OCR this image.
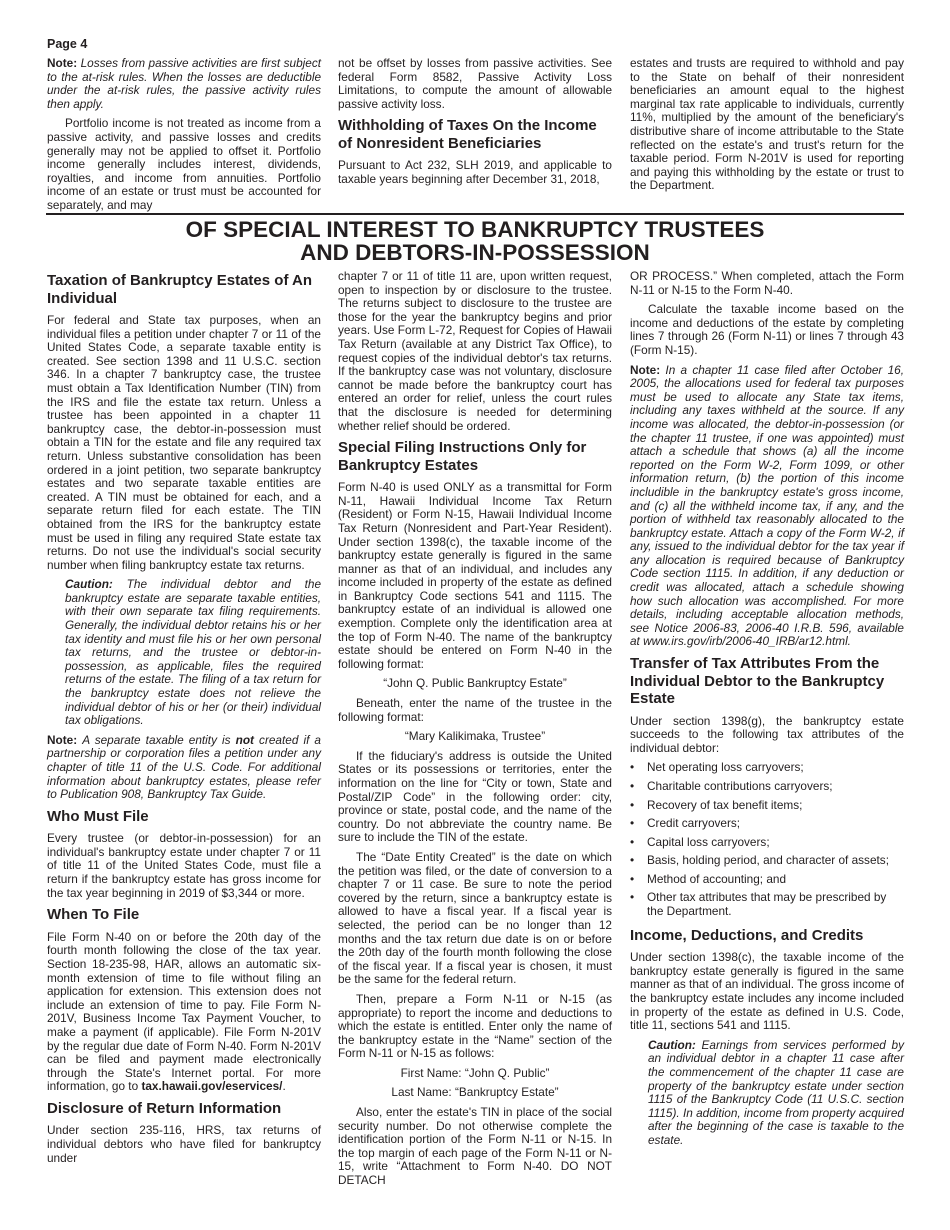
Page 4

Note: Losses from passive activities are first subject to the at-risk rules. When the losses are deductible under the at-risk rules, the passive activity rules then apply.

Portfolio income is not treated as income from a passive activity, and passive losses and credits generally may not be applied to offset it. Portfolio income generally includes interest, dividends, royalties, and income from annuities. Portfolio income of an estate or trust must be accounted for separately, and may

not be offset by losses from passive activities. See federal Form 8582, Passive Activity Loss Limitations, to compute the amount of allowable passive activity loss.

Withholding of Taxes On the Income of Nonresident Beneficiaries

Pursuant to Act 232, SLH 2019, and applicable to taxable years beginning after December 31, 2018,

estates and trusts are required to withhold and pay to the State on behalf of their nonresident beneficiaries an amount equal to the highest marginal tax rate applicable to individuals, currently 11%, multiplied by the amount of the beneficiary's distributive share of income attributable to the State reflected on the estate's and trust's return for the taxable period. Form N-201V is used for reporting and paying this withholding by the estate or trust to the Department.

OF SPECIAL INTEREST TO BANKRUPTCY TRUSTEES
AND DEBTORS-IN-POSSESSION
Taxation of Bankruptcy Estates of An Individual

For federal and State tax purposes, when an individual files a petition under chapter 7 or 11 of the United States Code, a separate taxable entity is created. See section 1398 and 11 U.S.C. section 346. In a chapter 7 bankruptcy case, the trustee must obtain a Tax Identification Number (TIN) from the IRS and file the estate tax return. Unless a trustee has been appointed in a chapter 11 bankruptcy case, the debtor-in-possession must obtain a TIN for the estate and file any required tax return. Unless substantive consolidation has been ordered in a joint petition, two separate bankruptcy estates and two separate taxable entities are created. A TIN must be obtained for each, and a separate return filed for each estate. The TIN obtained from the IRS for the bankruptcy estate must be used in filing any required State estate tax returns. Do not use the individual's social security number when filing bankruptcy estate tax returns.

Caution: The individual debtor and the bankruptcy estate are separate taxable entities, with their own separate tax filing requirements. Generally, the individual debtor retains his or her tax identity and must file his or her own personal tax returns, and the trustee or debtor-in-possession, as applicable, files the required returns of the estate. The filing of a tax return for the bankruptcy estate does not relieve the individual debtor of his or her (or their) individual tax obligations.

Note: A separate taxable entity is not created if a partnership or corporation files a petition under any chapter of title 11 of the U.S. Code. For additional information about bankruptcy estates, please refer to Publication 908, Bankruptcy Tax Guide.

Who Must File

Every trustee (or debtor-in-possession) for an individual's bankruptcy estate under chapter 7 or 11 of title 11 of the United States Code, must file a return if the bankruptcy estate has gross income for the tax year beginning in 2019 of $3,344 or more.

When To File

File Form N-40 on or before the 20th day of the fourth month following the close of the tax year. Section 18-235-98, HAR, allows an automatic six-month extension of time to file without filing an application for extension. This extension does not include an extension of time to pay. File Form N-201V, Business Income Tax Payment Voucher, to make a payment (if applicable). File Form N-201V by the regular due date of Form N-40. Form N-201V can be filed and payment made electronically through the State's Internet portal. For more information, go to tax.hawaii.gov/eservices/.

Disclosure of Return Information

Under section 235-116, HRS, tax returns of individual debtors who have filed for bankruptcy under

chapter 7 or 11 of title 11 are, upon written request, open to inspection by or disclosure to the trustee. The returns subject to disclosure to the trustee are those for the year the bankruptcy begins and prior years. Use Form L-72, Request for Copies of Hawaii Tax Return (available at any District Tax Office), to request copies of the individual debtor's tax returns. If the bankruptcy case was not voluntary, disclosure cannot be made before the bankruptcy court has entered an order for relief, unless the court rules that the disclosure is needed for determining whether relief should be ordered.

Special Filing Instructions Only for Bankruptcy Estates

Form N-40 is used ONLY as a transmittal for Form N-11, Hawaii Individual Income Tax Return (Resident) or Form N-15, Hawaii Individual Income Tax Return (Nonresident and Part-Year Resident). Under section 1398(c), the taxable income of the bankruptcy estate generally is figured in the same manner as that of an individual, and includes any income included in property of the estate as defined in Bankruptcy Code sections 541 and 1115. The bankruptcy estate of an individual is allowed one exemption. Complete only the identification area at the top of Form N-40. The name of the bankruptcy estate should be entered on Form N-40 in the following format:

“John Q. Public Bankruptcy Estate”

Beneath, enter the name of the trustee in the following format:

“Mary Kalikimaka, Trustee”

If the fiduciary's address is outside the United States or its possessions or territories, enter the information on the line for “City or town, State and Postal/ZIP Code” in the following order: city, province or state, postal code, and the name of the country. Do not abbreviate the country name. Be sure to include the TIN of the estate.

The “Date Entity Created” is the date on which the petition was filed, or the date of conversion to a chapter 7 or 11 case. Be sure to note the period covered by the return, since a bankruptcy estate is allowed to have a fiscal year. If a fiscal year is selected, the period can be no longer than 12 months and the tax return due date is on or before the 20th day of the fourth month following the close of the fiscal year. If a fiscal year is chosen, it must be the same for the federal return.

Then, prepare a Form N-11 or N-15 (as appropriate) to report the income and deductions to which the estate is entitled. Enter only the name of the bankruptcy estate in the “Name” section of the Form N-11 or N-15 as follows:

First Name: “John Q. Public”

Last Name: “Bankruptcy Estate”

Also, enter the estate's TIN in place of the social security number. Do not otherwise complete the identification portion of the Form N-11 or N-15. In the top margin of each page of the Form N-11 or N-15, write “Attachment to Form N-40. DO NOT DETACH

OR PROCESS.” When completed, attach the Form N-11 or N-15 to the Form N-40.

Calculate the taxable income based on the income and deductions of the estate by completing lines 7 through 26 (Form N-11) or lines 7 through 43 (Form N-15).

Note: In a chapter 11 case filed after October 16, 2005, the allocations used for federal tax purposes must be used to allocate any State tax items, including any taxes withheld at the source. If any income was allocated, the debtor-in-possession (or the chapter 11 trustee, if one was appointed) must attach a schedule that shows (a) all the income reported on the Form W-2, Form 1099, or other information return, (b) the portion of this income includible in the bankruptcy estate's gross income, and (c) all the withheld income tax, if any, and the portion of withheld tax reasonably allocated to the bankruptcy estate. Attach a copy of the Form W-2, if any, issued to the individual debtor for the tax year if any allocation is required because of Bankruptcy Code section 1115. In addition, if any deduction or credit was allocated, attach a schedule showing how such allocation was accomplished. For more details, including acceptable allocation methods, see Notice 2006-83, 2006-40 I.R.B. 596, available at www.irs.gov/irb/2006-40_IRB/ar12.html.

Transfer of Tax Attributes From the Individual Debtor to the Bankruptcy Estate

Under section 1398(g), the bankruptcy estate succeeds to the following tax attributes of the individual debtor:

• Net operating loss carryovers;
• Charitable contributions carryovers;
• Recovery of tax benefit items;
• Credit carryovers;
• Capital loss carryovers;
• Basis, holding period, and character of assets;
• Method of accounting; and
• Other tax attributes that may be prescribed by the Department.
Income, Deductions, and Credits

Under section 1398(c), the taxable income of the bankruptcy estate generally is figured in the same manner as that of an individual. The gross income of the bankruptcy estate includes any income included in property of the estate as defined in U.S. Code, title 11, sections 541 and 1115.

Caution: Earnings from services performed by an individual debtor in a chapter 11 case after the commencement of the chapter 11 case are property of the bankruptcy estate under section 1115 of the Bankruptcy Code (11 U.S.C. section 1115). In addition, income from property acquired after the beginning of the case is taxable to the estate.
